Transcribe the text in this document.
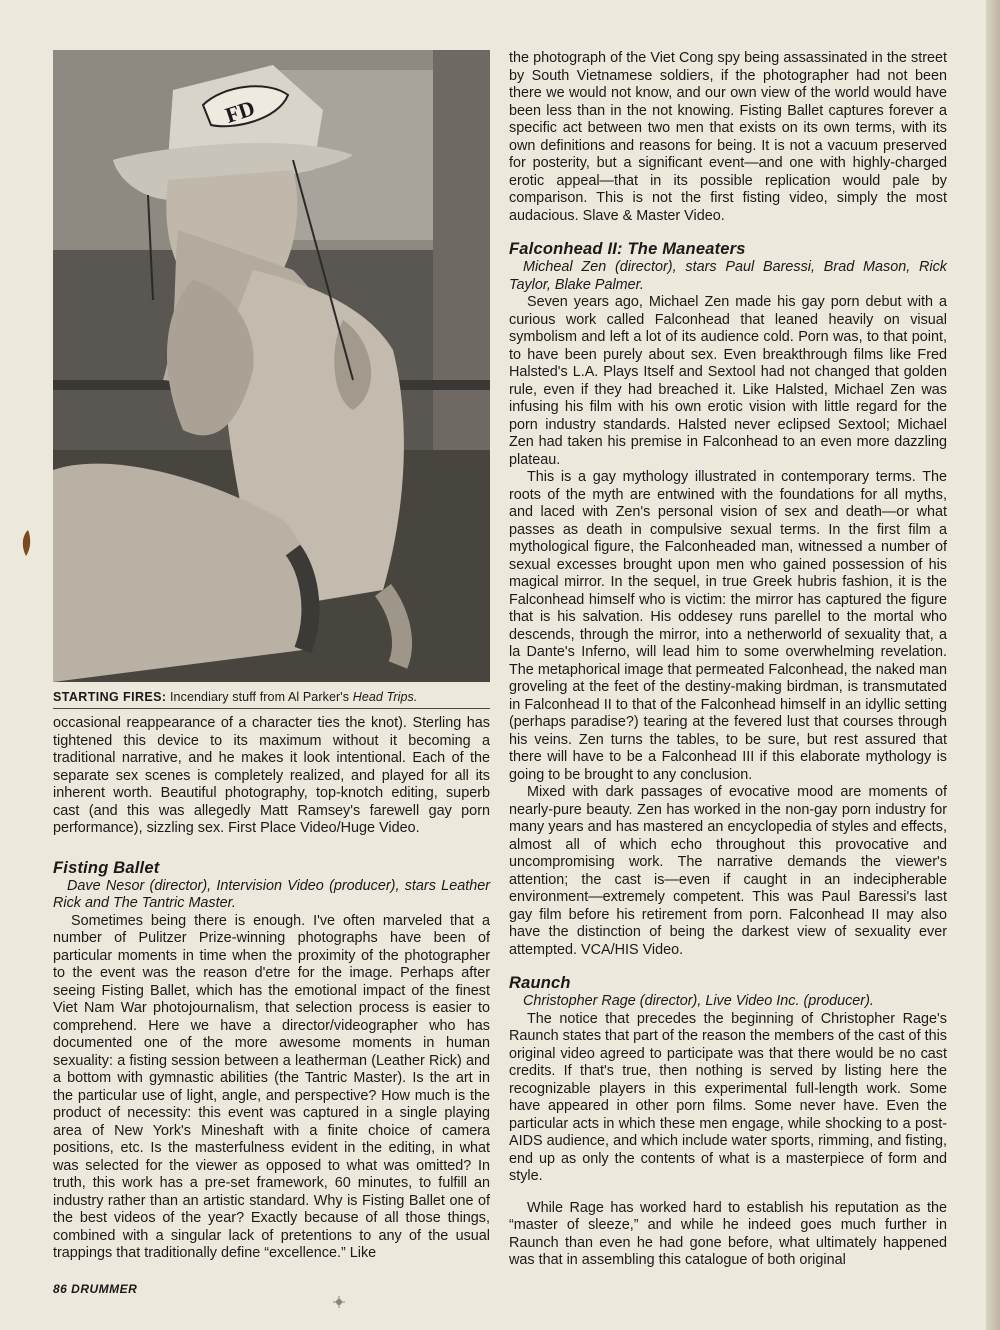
FD
STARTING FIRES: Incendiary stuff from Al Parker's Head Trips.

occasional reappearance of a character ties the knot). Sterling has tightened this device to its maximum without it becoming a traditional narrative, and he makes it look intentional. Each of the separate sex scenes is completely realized, and played for all its inherent worth. Beautiful photography, top-knotch editing, superb cast (and this was allegedly Matt Ramsey's farewell gay porn performance), sizzling sex. First Place Video/Huge Video.

Fisting Ballet

Dave Nesor (director), Intervision Video (producer), stars Leather Rick and The Tantric Master.

Sometimes being there is enough. I've often marveled that a number of Pulitzer Prize-winning photographs have been of particular moments in time when the proximity of the photographer to the event was the reason d'etre for the image. Perhaps after seeing Fisting Ballet, which has the emotional impact of the finest Viet Nam War photojournalism, that selection process is easier to comprehend. Here we have a director/videographer who has documented one of the more awesome moments in human sexuality: a fisting session between a leatherman (Leather Rick) and a bottom with gymnastic abilities (the Tantric Master). Is the art in the particular use of light, angle, and perspective? How much is the product of necessity: this event was captured in a single playing area of New York's Mineshaft with a finite choice of camera positions, etc. Is the masterfulness evident in the editing, in what was selected for the viewer as opposed to what was omitted? In truth, this work has a pre-set framework, 60 minutes, to fulfill an industry rather than an artistic standard. Why is Fisting Ballet one of the best videos of the year? Exactly because of all those things, combined with a singular lack of pretentions to any of the usual trappings that traditionally define “excellence.” Like

the photograph of the Viet Cong spy being assassinated in the street by South Vietnamese soldiers, if the photographer had not been there we would not know, and our own view of the world would have been less than in the not knowing. Fisting Ballet captures forever a specific act between two men that exists on its own terms, with its own definitions and reasons for being. It is not a vacuum preserved for posterity, but a significant event—and one with highly-charged erotic appeal—that in its possible replication would pale by comparison. This is not the first fisting video, simply the most audacious. Slave & Master Video.

Falconhead II: The Maneaters

Micheal Zen (director), stars Paul Baressi, Brad Mason, Rick Taylor, Blake Palmer.

Seven years ago, Michael Zen made his gay porn debut with a curious work called Falconhead that leaned heavily on visual symbolism and left a lot of its audience cold. Porn was, to that point, to have been purely about sex. Even breakthrough films like Fred Halsted's L.A. Plays Itself and Sextool had not changed that golden rule, even if they had breached it. Like Halsted, Michael Zen was infusing his film with his own erotic vision with little regard for the porn industry standards. Halsted never eclipsed Sextool; Michael Zen had taken his premise in Falconhead to an even more dazzling plateau.

This is a gay mythology illustrated in contemporary terms. The roots of the myth are entwined with the foundations for all myths, and laced with Zen's personal vision of sex and death—or what passes as death in compulsive sexual terms. In the first film a mythological figure, the Falconheaded man, witnessed a number of sexual excesses brought upon men who gained possession of his magical mirror. In the sequel, in true Greek hubris fashion, it is the Falconhead himself who is victim: the mirror has captured the figure that is his salvation. His oddesey runs parellel to the mortal who descends, through the mirror, into a netherworld of sexuality that, a la Dante's Inferno, will lead him to some overwhelming revelation. The metaphorical image that permeated Falconhead, the naked man groveling at the feet of the destiny-making birdman, is transmutated in Falconhead II to that of the Falconhead himself in an idyllic setting (perhaps paradise?) tearing at the fevered lust that courses through his veins. Zen turns the tables, to be sure, but rest assured that there will have to be a Falconhead III if this elaborate mythology is going to be brought to any conclusion.

Mixed with dark passages of evocative mood are moments of nearly-pure beauty. Zen has worked in the non-gay porn industry for many years and has mastered an encyclopedia of styles and effects, almost all of which echo throughout this provocative and uncompromising work. The narrative demands the viewer's attention; the cast is—even if caught in an indecipherable environment—extremely competent. This was Paul Baressi's last gay film before his retirement from porn. Falconhead II may also have the distinction of being the darkest view of sexuality ever attempted. VCA/HIS Video.

Raunch

Christopher Rage (director), Live Video Inc. (producer).

The notice that precedes the beginning of Christopher Rage's Raunch states that part of the reason the members of the cast of this original video agreed to participate was that there would be no cast credits. If that's true, then nothing is served by listing here the recognizable players in this experimental full-length work. Some have appeared in other porn films. Some never have. Even the particular acts in which these men engage, while shocking to a post-AIDS audience, and which include water sports, rimming, and fisting, end up as only the contents of what is a masterpiece of form and style.

While Rage has worked hard to establish his reputation as the “master of sleeze,” and while he indeed goes much further in Raunch than even he had gone before, what ultimately happened was that in assembling this catalogue of both original

86 DRUMMER
